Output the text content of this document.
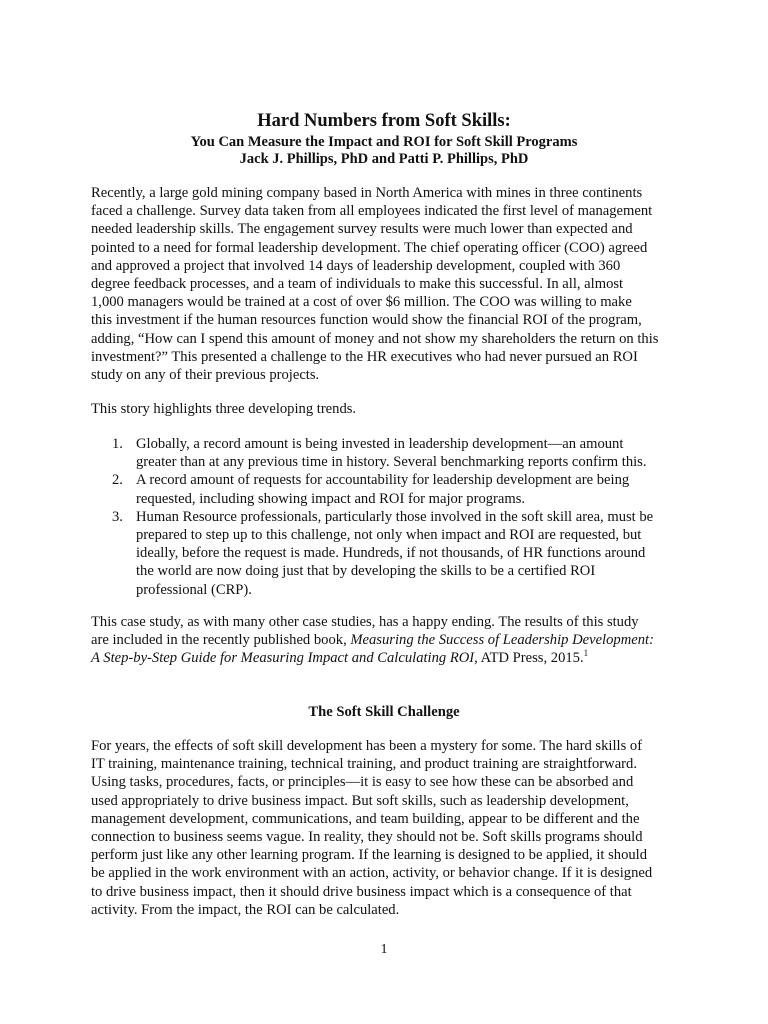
Hard Numbers from Soft Skills:
You Can Measure the Impact and ROI for Soft Skill Programs
Jack J. Phillips, PhD and Patti P. Phillips, PhD

Recently, a large gold mining company based in North America with mines in three continents
faced a challenge. Survey data taken from all employees indicated the first level of management
needed leadership skills. The engagement survey results were much lower than expected and
pointed to a need for formal leadership development. The chief operating officer (COO) agreed
and approved a project that involved 14 days of leadership development, coupled with 360
degree feedback processes, and a team of individuals to make this successful. In all, almost
1,000 managers would be trained at a cost of over $6 million. The COO was willing to make
this investment if the human resources function would show the financial ROI of the program,
adding, “How can I spend this amount of money and not show my shareholders the return on this
investment?” This presented a challenge to the HR executives who had never pursued an ROI
study on any of their previous projects.

This story highlights three developing trends.

1. Globally, a record amount is being invested in leadership development—an amount
greater than at any previous time in history. Several benchmarking reports confirm this.
2. A record amount of requests for accountability for leadership development are being
requested, including showing impact and ROI for major programs.
3. Human Resource professionals, particularly those involved in the soft skill area, must be
prepared to step up to this challenge, not only when impact and ROI are requested, but
ideally, before the request is made. Hundreds, if not thousands, of HR functions around
the world are now doing just that by developing the skills to be a certified ROI
professional (CRP).

This case study, as with many other case studies, has a happy ending. The results of this study
are included in the recently published book, Measuring the Success of Leadership Development:
A Step-by-Step Guide for Measuring Impact and Calculating ROI, ATD Press, 2015.$^1$

The Soft Skill Challenge

For years, the effects of soft skill development has been a mystery for some. The hard skills of
IT training, maintenance training, technical training, and product training are straightforward.
Using tasks, procedures, facts, or principles—it is easy to see how these can be absorbed and
used appropriately to drive business impact. But soft skills, such as leadership development,
management development, communications, and team building, appear to be different and the
connection to business seems vague. In reality, they should not be. Soft skills programs should
perform just like any other learning program. If the learning is designed to be applied, it should
be applied in the work environment with an action, activity, or behavior change. If it is designed
to drive business impact, then it should drive business impact which is a consequence of that
activity. From the impact, the ROI can be calculated.

1
